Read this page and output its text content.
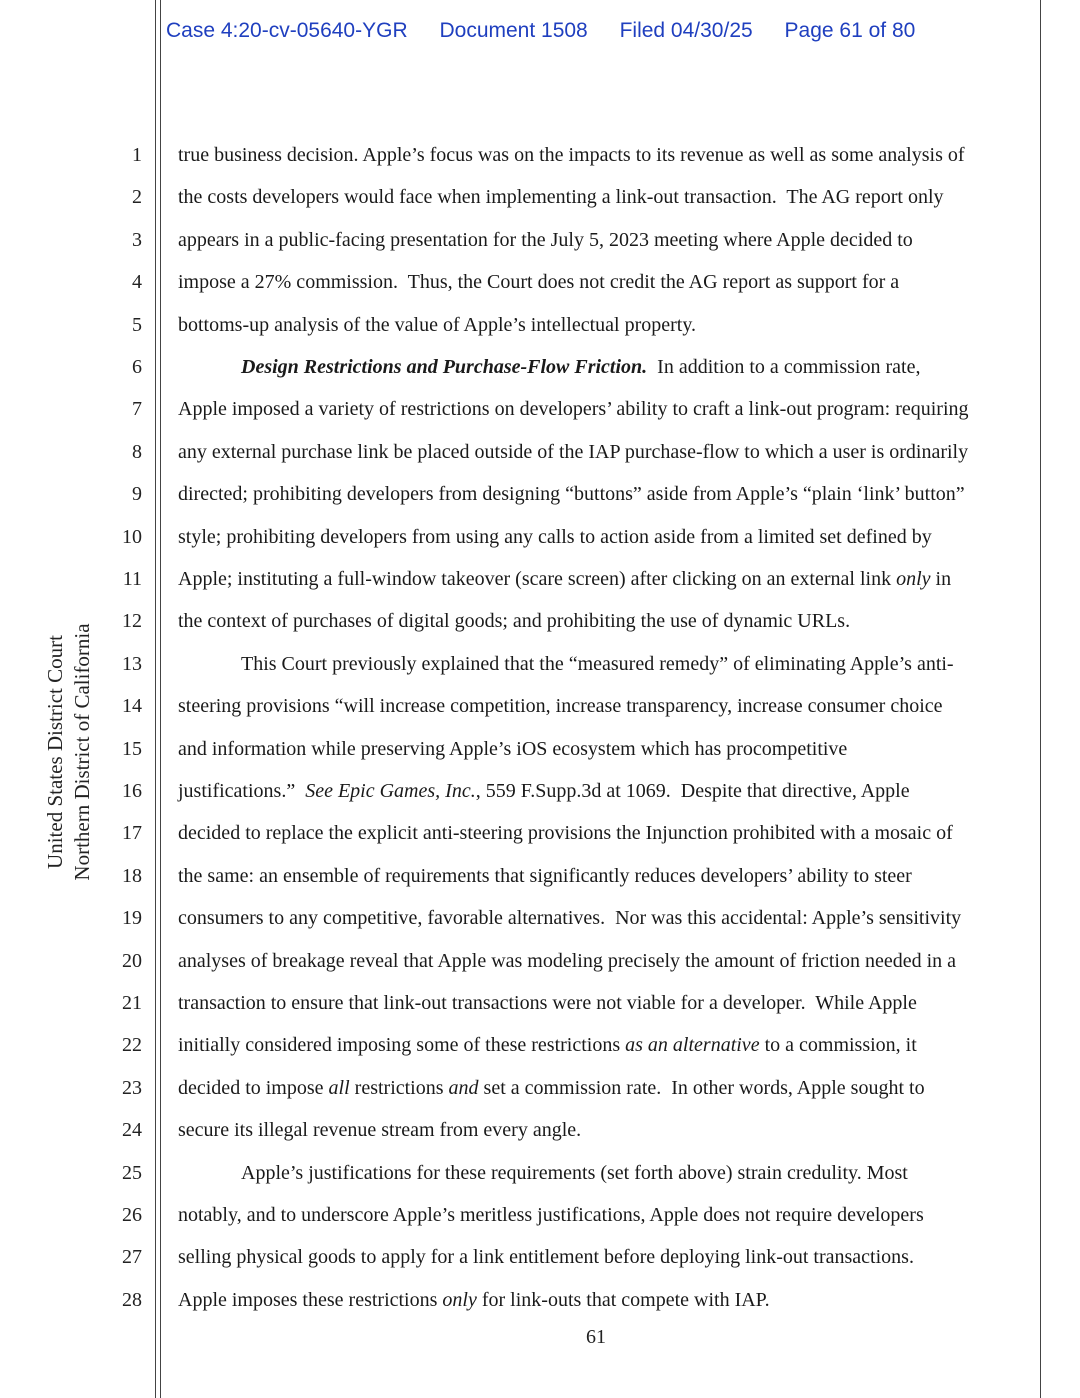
Case 4:20-cv-05640-YGR Document 1508 Filed 04/30/25 Page 61 of 80
United States District Court Northern District of California
1 true business decision. Apple’s focus was on the impacts to its revenue as well as some analysis of
2 the costs developers would face when implementing a link-out transaction.  The AG report only
3 appears in a public-facing presentation for the July 5, 2023 meeting where Apple decided to
4 impose a 27% commission.  Thus, the Court does not credit the AG report as support for a
5 bottoms-up analysis of the value of Apple’s intellectual property.
6	Design Restrictions and Purchase-Flow Friction.  In addition to a commission rate,
7 Apple imposed a variety of restrictions on developers’ ability to craft a link-out program: requiring
8 any external purchase link be placed outside of the IAP purchase-flow to which a user is ordinarily
9 directed; prohibiting developers from designing “buttons” aside from Apple’s “plain ‘link’ button”
10 style; prohibiting developers from using any calls to action aside from a limited set defined by
11 Apple; instituting a full-window takeover (scare screen) after clicking on an external link only in
12 the context of purchases of digital goods; and prohibiting the use of dynamic URLs.
13	This Court previously explained that the “measured remedy” of eliminating Apple’s anti-
14 steering provisions “will increase competition, increase transparency, increase consumer choice
15 and information while preserving Apple’s iOS ecosystem which has procompetitive
16 justifications.”  See Epic Games, Inc., 559 F.Supp.3d at 1069.  Despite that directive, Apple
17 decided to replace the explicit anti-steering provisions the Injunction prohibited with a mosaic of
18 the same: an ensemble of requirements that significantly reduces developers’ ability to steer
19 consumers to any competitive, favorable alternatives.  Nor was this accidental: Apple’s sensitivity
20 analyses of breakage reveal that Apple was modeling precisely the amount of friction needed in a
21 transaction to ensure that link-out transactions were not viable for a developer.  While Apple
22 initially considered imposing some of these restrictions as an alternative to a commission, it
23 decided to impose all restrictions and set a commission rate.  In other words, Apple sought to
24 secure its illegal revenue stream from every angle.
25	Apple’s justifications for these requirements (set forth above) strain credulity. Most
26 notably, and to underscore Apple’s meritless justifications, Apple does not require developers
27 selling physical goods to apply for a link entitlement before deploying link-out transactions.
28 Apple imposes these restrictions only for link-outs that compete with IAP.
61
